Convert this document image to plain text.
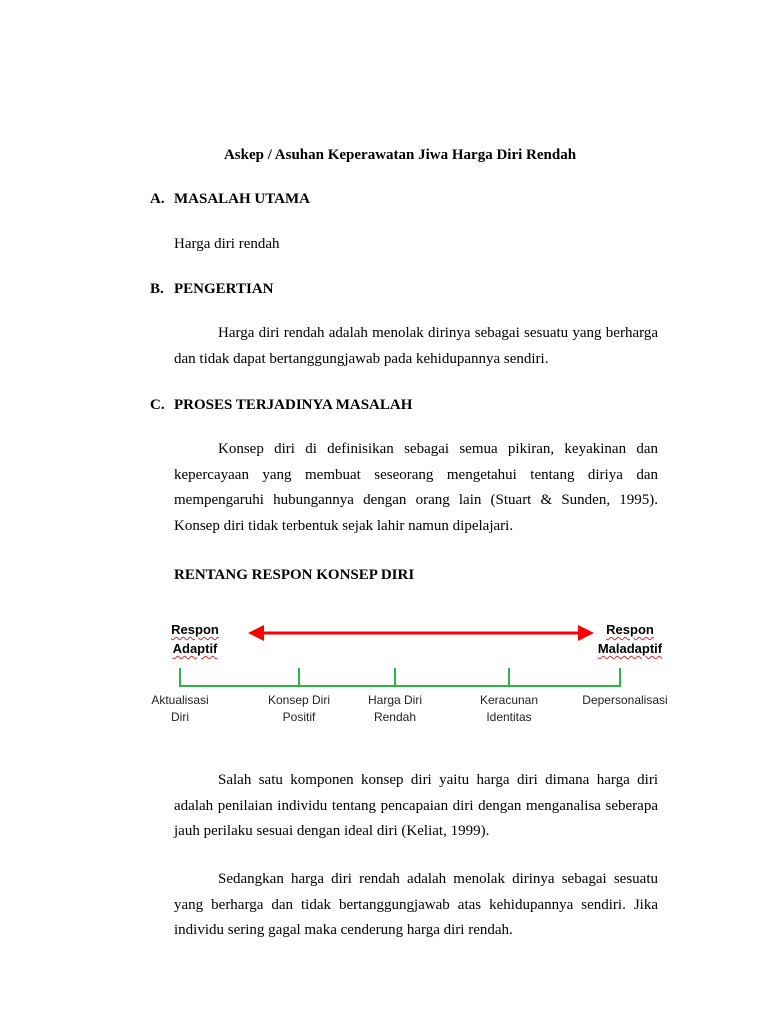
Askep / Asuhan Keperawatan Jiwa Harga Diri Rendah
A. MASALAH UTAMA
Harga diri rendah
B. PENGERTIAN

Harga diri rendah adalah menolak dirinya sebagai sesuatu yang berharga dan tidak dapat bertanggungjawab pada kehidupannya sendiri.

C. PROSES TERJADINYA MASALAH

Konsep diri di definisikan sebagai semua pikiran, keyakinan dan kepercayaan yang membuat seseorang mengetahui tentang diriya dan mempengaruhi hubungannya dengan orang lain (Stuart & Sunden, 1995). Konsep diri tidak terbentuk sejak lahir namun dipelajari.

RENTANG RESPON KONSEP DIRI
Respon
Adaptif
Respon
Maladaptif
Aktualisasi
Diri
Konsep Diri
Positif
Harga Diri
Rendah
Keracunan
Identitas
Depersonalisasi

Salah satu komponen konsep diri yaitu harga diri dimana harga diri adalah penilaian individu tentang pencapaian diri dengan menganalisa seberapa jauh perilaku sesuai dengan ideal diri (Keliat, 1999).

Sedangkan harga diri rendah adalah menolak dirinya sebagai sesuatu yang berharga dan tidak bertanggungjawab atas kehidupannya sendiri. Jika individu sering gagal maka cenderung harga diri rendah.
